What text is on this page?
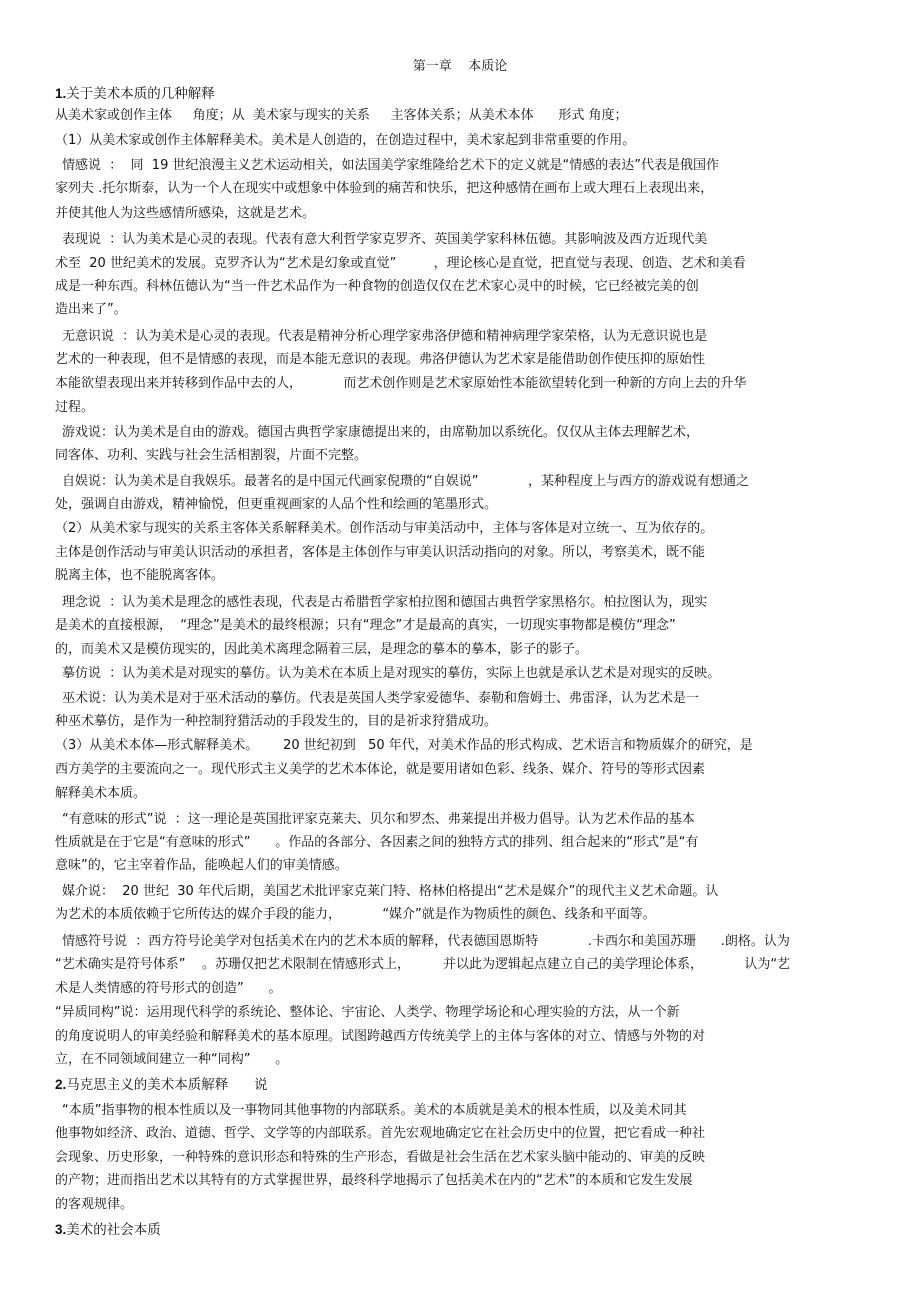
第一章    本质论
1.关于美术本质的几种解释
从美术家或创作主体     角度；从  美术家与现实的关系     主客体关系；从美术本体      形式 角度；
（1）从美术家或创作主体解释美术。美术是人创造的，在创造过程中，美术家起到非常重要的作用。
情感说  ：  同  19 世纪浪漫主义艺术运动相关，如法国美学家维隆给艺术下的定义就是“情感的表达”代表是俄国作
家列夫 .托尔斯泰，认为一个人在现实中或想象中体验到的痛苦和快乐，把这种感情在画布上或大理石上表现出来，
并使其他人为这些感情所感染，这就是艺术。
表现说  ：认为美术是心灵的表现。代表有意大利哲学家克罗齐、英国美学家科林伍德。其影响波及西方近现代美
术至  20 世纪美术的发展。克罗齐认为“艺术是幻象或直觉”         ，理论核心是直觉，把直觉与表现、创造、艺术和美看
成是一种东西。科林伍德认为“当一件艺术品作为一种食物的创造仅仅在艺术家心灵中的时候，它已经被完美的创
造出来了”。
无意识说  ：认为美术是心灵的表现。代表是精神分析心理学家弗洛伊德和精神病理学家荣格，认为无意识说也是
艺术的一种表现，但不是情感的表现，而是本能无意识的表现。弗洛伊德认为艺术家是能借助创作使压抑的原始性
本能欲望表现出来并转移到作品中去的人，          而艺术创作则是艺术家原始性本能欲望转化到一种新的方向上去的升华
过程。
游戏说：认为美术是自由的游戏。德国古典哲学家康德提出来的，由席勒加以系统化。仅仅从主体去理解艺术，
同客体、功利、实践与社会生活相割裂，片面不完整。
自娱说：认为美术是自我娱乐。最著名的是中国元代画家倪瓒的“自娱说”            ，某种程度上与西方的游戏说有想通之
处，强调自由游戏，精神愉悦，但更重视画家的人品个性和绘画的笔墨形式。
（2）从美术家与现实的关系主客体关系解释美术。创作活动与审美活动中，主体与客体是对立统一、互为依存的。
主体是创作活动与审美认识活动的承担者，客体是主体创作与审美认识活动指向的对象。所以，考察美术，既不能
脱离主体，也不能脱离客体。
理念说  ：认为美术是理念的感性表现，代表是古希腊哲学家柏拉图和德国古典哲学家黑格尔。柏拉图认为，现实
是美术的直接根源，  “理念”是美术的最终根源；只有“理念”才是最高的真实，一切现实事物都是模仿“理念”
的，而美术又是模仿现实的，因此美术离理念隔着三层，是理念的摹本的摹本，影子的影子。
摹仿说  ：认为美术是对现实的摹仿。认为美术在本质上是对现实的摹仿，实际上也就是承认艺术是对现实的反映。
巫术说：认为美术是对于巫术活动的摹仿。代表是英国人类学家爱德华、泰勒和詹姆士、弗雷泽，认为艺术是一
种巫术摹仿，是作为一种控制狩猎活动的手段发生的，目的是祈求狩猎成功。
（3）从美术本体—形式解释美术。      20 世纪初到   50 年代，对美术作品的形式构成、艺术语言和物质媒介的研究，是
西方美学的主要流向之一。现代形式主义美学的艺术本体论，就是要用诸如色彩、线条、媒介、符号的等形式因素
解释美术本质。
“有意味的形式”说  ：这一理论是英国批评家克莱夫、贝尔和罗杰、弗莱提出并极力倡导。认为艺术作品的基本
性质就是在于它是“有意味的形式”      。作品的各部分、各因素之间的独特方式的排列、组合起来的“形式”是“有
意味”的，它主宰着作品，能唤起人们的审美情感。
媒介说：  20 世纪  30 年代后期，美国艺术批评家克莱门特、格林伯格提出“艺术是媒介”的现代主义艺术命题。认
为艺术的本质依赖于它所传达的媒介手段的能力，          “媒介”就是作为物质性的颜色、线条和平面等。
情感符号说  ：西方符号论美学对包括美术在内的艺术本质的解释，代表德国恩斯特            .卡西尔和美国苏珊      .朗格。认为
“艺术确实是符号体系”    。苏珊仅把艺术限制在情感形式上，        并以此为逻辑起点建立自己的美学理论体系，          认为“艺
术是人类情感的符号形式的创造”      。
“异质同构”说：运用现代科学的系统论、整体论、宇宙论、人类学、物理学场论和心理实验的方法，从一个新
的角度说明人的审美经验和解释美术的基本原理。试图跨越西方传统美学上的主体与客体的对立、情感与外物的对
立，在不同领域间建立一种“同构”      。
2.马克思主义的美术本质解释      说
“本质”指事物的根本性质以及一事物同其他事物的内部联系。美术的本质就是美术的根本性质，以及美术同其
他事物如经济、政治、道德、哲学、文学等的内部联系。首先宏观地确定它在社会历史中的位置，把它看成一种社
会现象、历史形象，一种特殊的意识形态和特殊的生产形态，看做是社会生活在艺术家头脑中能动的、审美的反映
的产物；进而指出艺术以其特有的方式掌握世界，最终科学地揭示了包括美术在内的“艺术”的本质和它发生发展
的客观规律。
3.美术的社会本质
